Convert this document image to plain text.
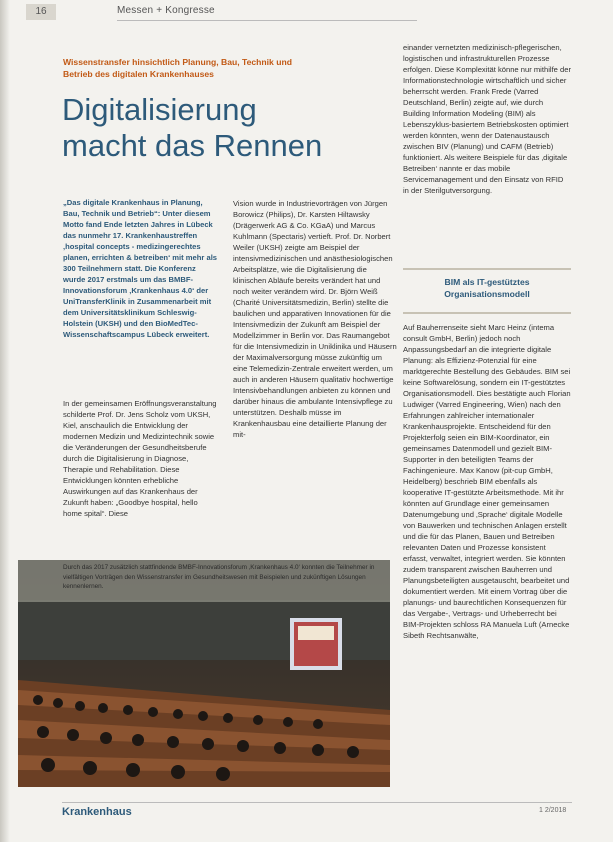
16	Messen + Kongresse
Wissenstransfer hinsichtlich Planung, Bau, Technik und Betrieb des digitalen Krankenhauses
Digitalisierung
macht das Rennen

„Das digitale Krankenhaus in Planung, Bau, Technik und Betrieb“: Unter diesem Motto fand Ende letzten Jahres in Lübeck das nunmehr 17. Krankenhaustreffen ‚hospital concepts - medizingerechtes planen, errichten & betreiben‘ mit mehr als 300 Teilnehmern statt. Die Konferenz wurde 2017 erstmals um das BMBF-Innovationsforum ‚Krankenhaus 4.0‘ der UniTransferKlinik in Zusammenarbeit mit dem Universitätsklinikum Schleswig-Holstein (UKSH) und den BioMedTec-Wissenschaftscampus Lübeck erweitert.

In der gemeinsamen Eröffnungsveranstaltung schilderte Prof. Dr. Jens Scholz vom UKSH, Kiel, anschaulich die Entwicklung der modernen Medizin und Medizintechnik sowie die Veränderungen der Gesundheitsberufe durch die Digitalisierung in Diagnose, Therapie und Rehabilitation. Diese Entwicklungen könnten erhebliche Auswirkungen auf das Krankenhaus der Zukunft haben: „Goodbye hospital, hello home spital“. Diese

Vision wurde in Industrievorträgen von Jürgen Borowicz (Philips), Dr. Karsten Hiltawsky (Drägerwerk AG & Co. KGaA) und Marcus Kuhlmann (Spectaris) vertieft. Prof. Dr. Norbert Weiler (UKSH) zeigte am Beispiel der intensivmedizinischen und anästhesiologischen Arbeitsplätze, wie die Digitalisierung die klinischen Abläufe bereits verändert hat und noch weiter verändern wird. Dr. Björn Weiß (Charité Universitätsmedizin, Berlin) stellte die baulichen und apparativen Innovationen für die Intensivmedizin der Zukunft am Beispiel der Modellzimmer in Berlin vor. Das Raumangebot für die Intensivmedizin in Uniklinika und Häusern der Maximalversorgung müsse zukünftig um eine Telemedizin-Zentrale erweitert werden, um auch in anderen Häusern qualitativ hochwertige Intensivbehandlungen anbieten zu können und darüber hinaus die ambulante Intensivpflege zu unterstützen. Deshalb müsse im Krankenhausbau eine detaillierte Planung der mit-

einander vernetzten medizinisch-pflegerischen, logistischen und infrastrukturellen Prozesse erfolgen. Diese Komplexität könne nur mithilfe der Informationstechnologie wirtschaftlich und sicher beherrscht werden. Frank Frede (Varred Deutschland, Berlin) zeigte auf, wie durch Building Information Modeling (BIM) als Lebenszyklus-basiertem Betriebskosten optimiert werden könnten, wenn der Datenaustausch zwischen BIV (Planung) und CAFM (Betrieb) funktioniert. Als weitere Beispiele für das ‚digitale Betreiben‘ nannte er das mobile Servicemanagement und den Einsatz von RFID in der Sterilgutversorgung.

BIM als IT-gestütztes Organisationsmodell

Auf Bauherrenseite sieht Marc Heinz (intema consult GmbH, Berlin) jedoch noch Anpassungsbedarf an die integrierte digitale Planung: als Effizienz-Potenzial für eine marktgerechte Bestellung des Gebäudes. BIM sei keine Softwarelösung, sondern ein IT-gestütztes Organisationsmodell. Dies bestätigte auch Florian Ludwiger (Varred Engineering, Wien) nach den Erfahrungen zahlreicher internationaler Krankenhausprojekte. Entscheidend für den Projekterfolg seien ein BIM-Koordinator, ein gemeinsames Datenmodell und gezielt BIM-Supporter in den beteiligten Teams der Fachingenieure. Max Kanow (pit-cup GmbH, Heidelberg) beschrieb BIM ebenfalls als kooperative IT-gestützte Arbeitsmethode. Mit ihr könnten auf Grundlage einer gemeinsamen Datenumgebung und ‚Sprache‘ digitale Modelle von Bauwerken und technischen Anlagen erstellt und die für das Planen, Bauen und Betreiben relevanten Daten und Prozesse konsistent erfasst, verwaltet, integriert werden. Sie könnten zudem transparent zwischen Bauherren und Planungsbeteiligten ausgetauscht, bearbeitet und dokumentiert werden. Mit einem Vortrag über die planungs- und baurechtlichen Konsequenzen für das Vergabe-, Vertrags- und Urheberrecht bei BIM-Projekten schloss RA Manuela Luft (Arnecke Sibeth Rechtsanwälte,

Durch das 2017 zusätzlich stattfindende BMBF-Innovationsforum ‚Krankenhaus 4.0‘ konnten die Teilnehmer in vielfältigen Vorträgen den Wissenstransfer im Gesundheitswesen mit Beispielen und zukünftigen Lösungen kennenlernen.
Krankenhaus	1 2/2018
